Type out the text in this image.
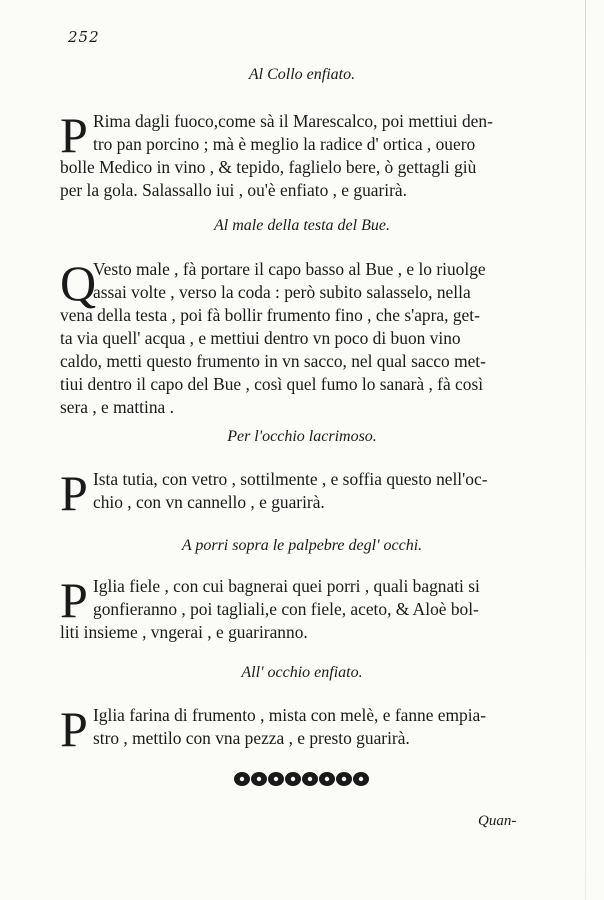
252
Al Collo enfiato.
P Rima dagli fuoco,come sà il Marescalco, poi mettiui den-
tro pan porcino ; mà è meglio la radice d' ortica , ouero
bolle Medico in vino , & tepido, faglielo bere, ò gettagli giù
per la gola. Salassallo iui , ou'è enfiato , e guarirà.
Al male della testa del Bue.
Q
Vesto male , fà portare il capo basso al Bue , e lo riuolge
assai volte , verso la coda : però subito salasselo, nella
vena della testa , poi fà bollir frumento fino , che s'apra, get-
ta via quell' acqua , e mettiui dentro vn poco di buon vino
caldo, metti questo frumento in vn sacco, nel qual sacco met-
tiui dentro il capo del Bue , così quel fumo lo sanarà , fà così
sera , e mattina .
Per l'occhio lacrimoso.
P Ista tutia, con vetro , sottilmente , e soffia questo nell'oc-
chio , con vn cannello , e guarirà.
A porri sopra le palpebre degl' occhi.
P Iglia fiele , con cui bagnerai quei porri , quali bagnati si
gonfieranno , poi tagliali,e con fiele, aceto, & Aloè bol-
liti insieme , vngerai , e guariranno.
All' occhio enfiato.
P Iglia farina di frumento , mista con melè, e fanne empia-
stro , mettilo con vna pezza , e presto guarirà.
Quan-
